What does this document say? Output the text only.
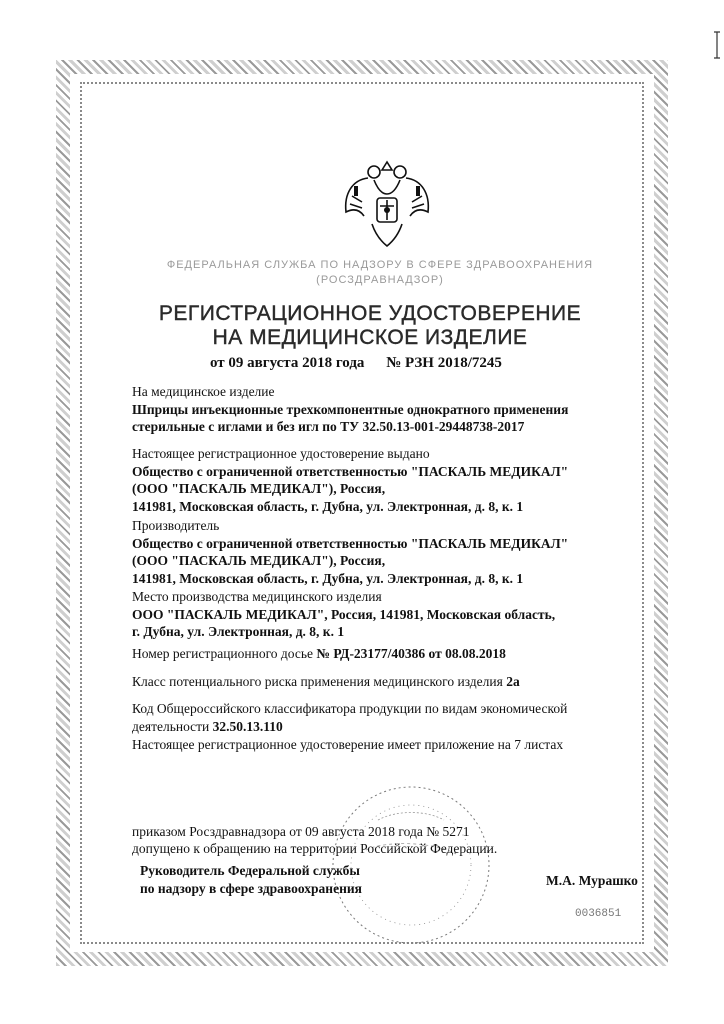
ФЕДЕРАЛЬНАЯ СЛУЖБА ПО НАДЗОРУ В СФЕРЕ ЗДРАВООХРАНЕНИЯ
(РОСЗДРАВНАДЗОР)
РЕГИСТРАЦИОННОЕ УДОСТОВЕРЕНИЕ
НА МЕДИЦИНСКОЕ ИЗДЕЛИЕ
от 09 августа 2018 года № РЗН 2018/7245
На медицинское изделие
Шприцы инъекционные трехкомпонентные однократного применения
стерильные с иглами и без игл по ТУ 32.50.13-001-29448738-2017
Настоящее регистрационное удостоверение выдано
Общество с ограниченной ответственностью "ПАСКАЛЬ МЕДИКАЛ"
(ООО "ПАСКАЛЬ МЕДИКАЛ"), Россия,
141981, Московская область, г. Дубна, ул. Электронная, д. 8, к. 1
Производитель
Общество с ограниченной ответственностью "ПАСКАЛЬ МЕДИКАЛ"
(ООО "ПАСКАЛЬ МЕДИКАЛ"), Россия,
141981, Московская область, г. Дубна, ул. Электронная, д. 8, к. 1
Место производства медицинского изделия
ООО "ПАСКАЛЬ МЕДИКАЛ", Россия, 141981, Московская область,
г. Дубна, ул. Электронная, д. 8, к. 1
Номер регистрационного досье № РД-23177/40386 от 08.08.2018
Класс потенциального риска применения медицинского изделия 2а
Код Общероссийского классификатора продукции по видам экономической
деятельности 32.50.13.110
Настоящее регистрационное удостоверение имеет приложение на 7 листах
приказом Росздравнадзора от 09 августа 2018 года № 5271
допущено к обращению на территории Российской Федерации.
Руководитель Федеральной службы
по надзору в сфере здравоохранения
М.А. Мурашко
0036851
